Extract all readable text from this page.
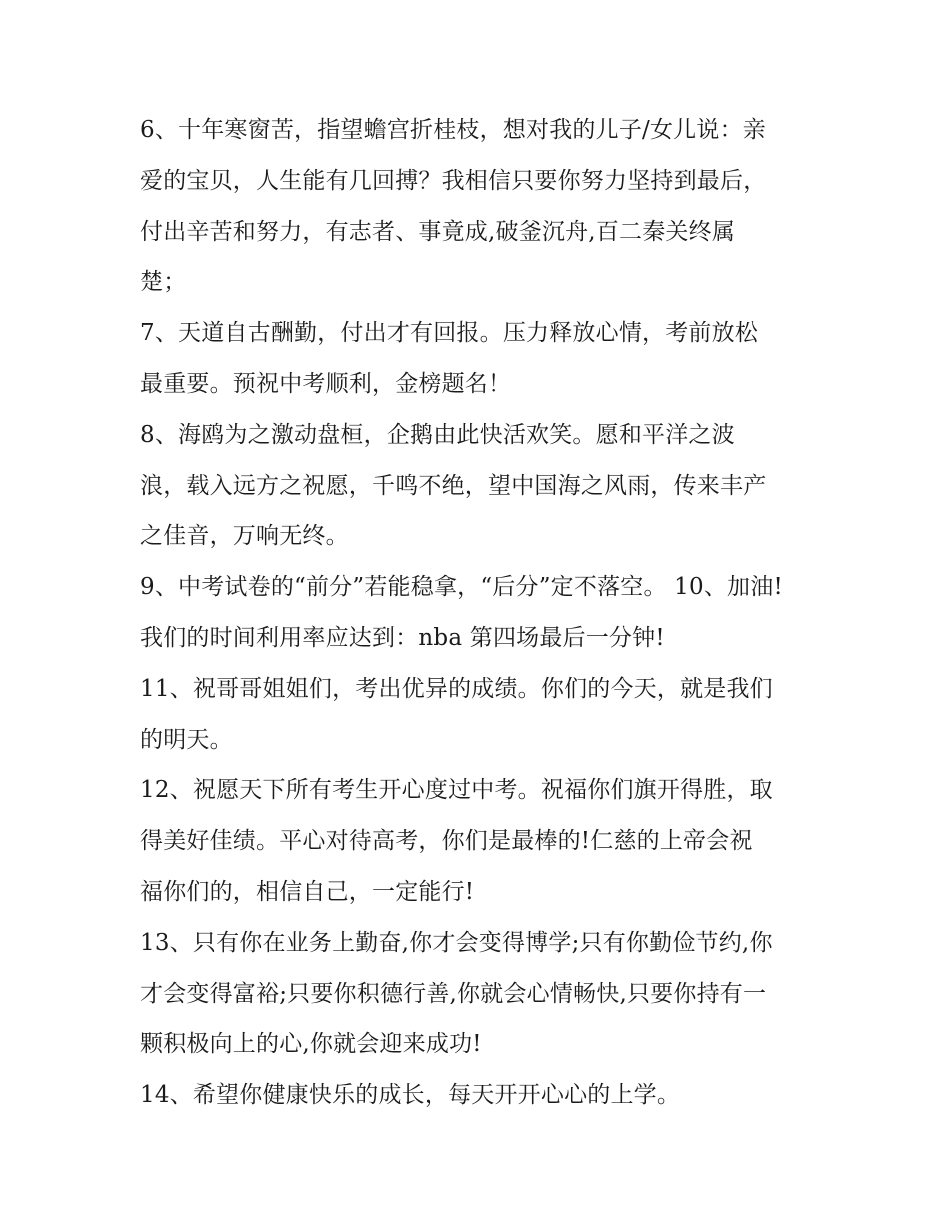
6、十年寒窗苦，指望蟾宫折桂枝，想对我的儿子/女儿说：亲
爱的宝贝，人生能有几回搏？我相信只要你努力坚持到最后，
付出辛苦和努力，有志者、事竟成,破釜沉舟,百二秦关终属
楚；
7、天道自古酬勤，付出才有回报。压力释放心情，考前放松
最重要。预祝中考顺利，金榜题名！
8、海鸥为之激动盘桓，企鹅由此快活欢笑。愿和平洋之波
浪，载入远方之祝愿，千鸣不绝，望中国海之风雨，传来丰产
之佳音，万响无终。
9、中考试卷的“前分”若能稳拿，“后分”定不落空。 10、加油!
我们的时间利用率应达到：nba 第四场最后一分钟!
11、祝哥哥姐姐们，考出优异的成绩。你们的今天，就是我们
的明天。
12、祝愿天下所有考生开心度过中考。祝福你们旗开得胜，取
得美好佳绩。平心对待高考，你们是最棒的!仁慈的上帝会祝
福你们的，相信自己，一定能行!
13、只有你在业务上勤奋,你才会变得博学;只有你勤俭节约,你
才会变得富裕;只要你积德行善,你就会心情畅快,只要你持有一
颗积极向上的心,你就会迎来成功!
14、希望你健康快乐的成长，每天开开心心的上学。
